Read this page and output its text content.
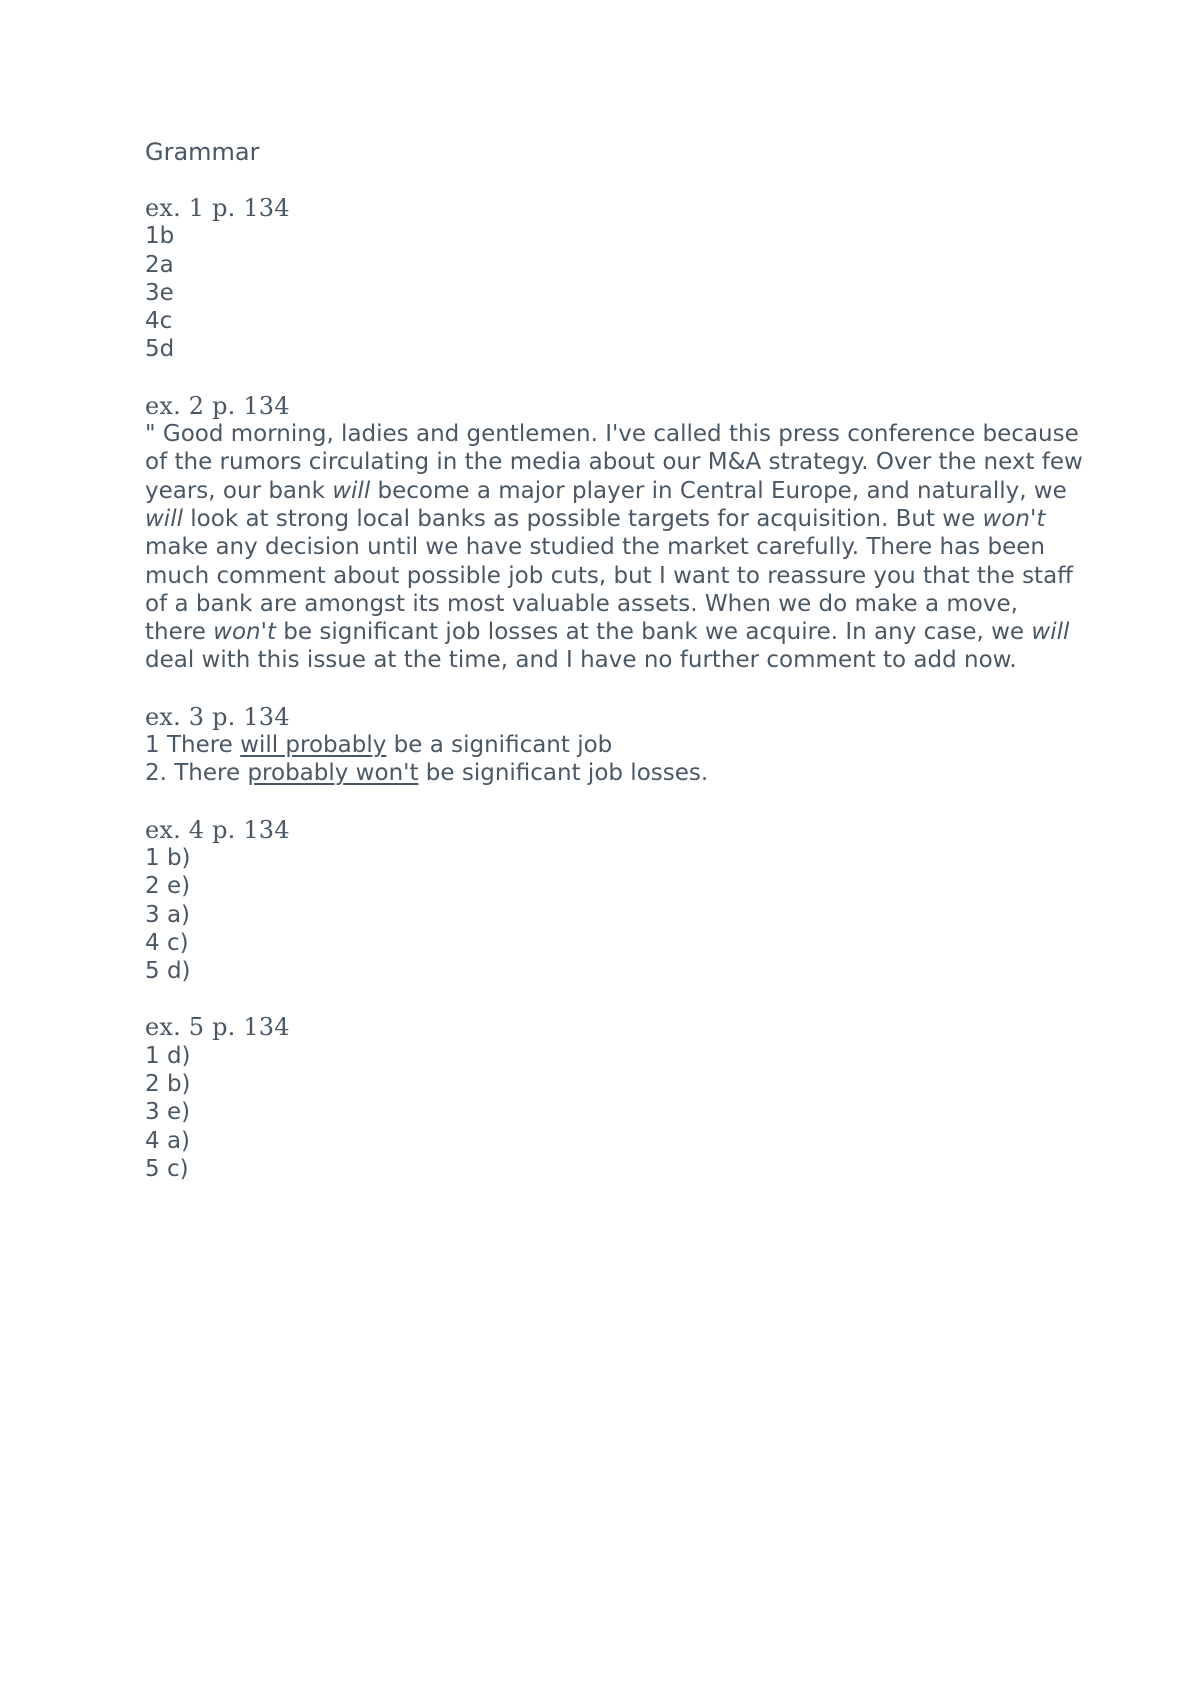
Grammar
ex. 1 p. 134
1b
2a
3e
4c
5d
ex. 2 p. 134
" Good morning, ladies and gentlemen. I've called this press conference because of the rumors circulating in the media about our M&A strategy. Over the next few years, our bank will become a major player in Central Europe, and naturally, we will look at strong local banks as possible targets for acquisition. But we won't make any decision until we have studied the market carefully. There has been much comment about possible job cuts, but I want to reassure you that the staff of a bank are amongst its most valuable assets. When we do make a move, there won't be significant job losses at the bank we acquire. In any case, we will deal with this issue at the time, and I have no further comment to add now.
ex. 3 p. 134
1 There will probably be a significant job
2. There probably won't be significant job losses.
ex. 4 p. 134
1 b)
2 e)
3 a)
4 c)
5 d)
ex. 5 p. 134
1 d)
2 b)
3 e)
4 a)
5 c)
